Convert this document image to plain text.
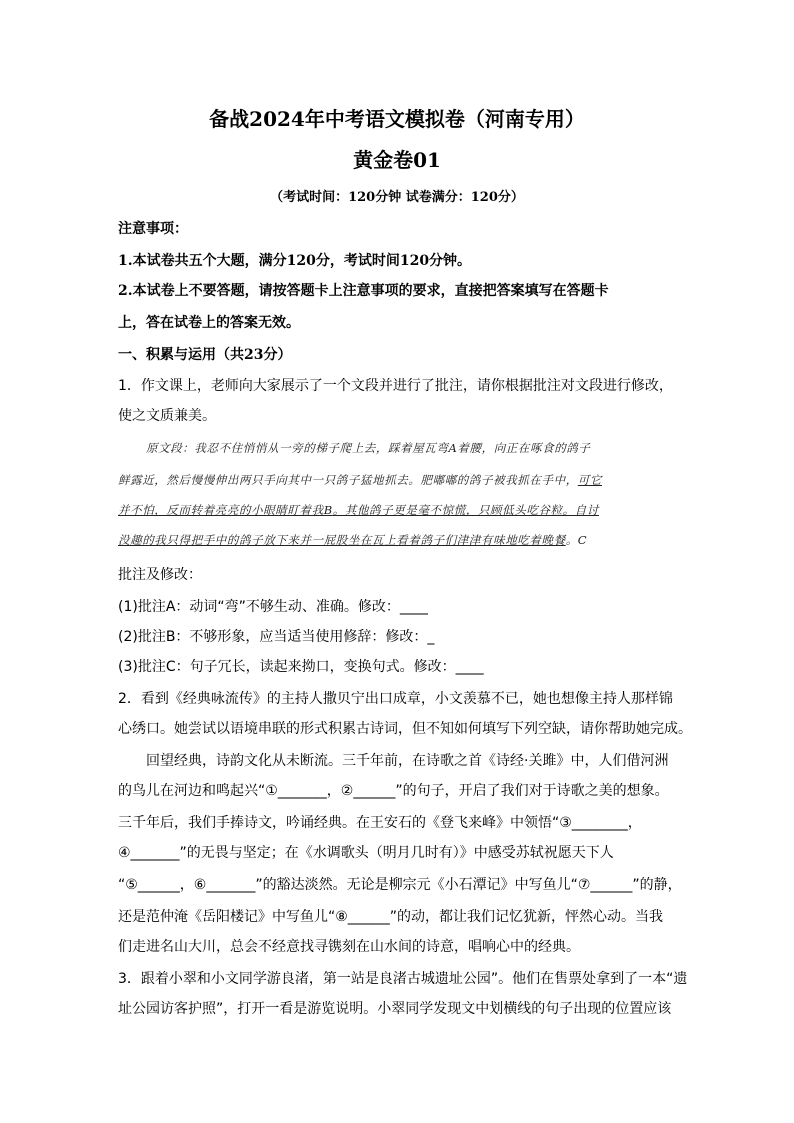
备战2024年中考语文模拟卷（河南专用）
黄金卷01
（考试时间：120分钟 试卷满分：120分）
注意事项：
1.本试卷共五个大题，满分120分，考试时间120分钟。
2.本试卷上不要答题，请按答题卡上注意事项的要求，直接把答案填写在答题卡
上，答在试卷上的答案无效。
一、积累与运用（共23分）
1．作文课上，老师向大家展示了一个文段并进行了批注，请你根据批注对文段进行修改，
使之文质兼美。
原文段：我忍不住悄悄从一旁的梯子爬上去，踩着屋瓦弯A着腰，向正在啄食的鸽子
鲜露近，然后慢慢伸出两只手向其中一只鸽子猛地抓去。肥嘟嘟的鸽子被我抓在手中，可它
并不怕，反而转着亮亮的小眼睛盯着我B。其他鸽子更是毫不惊慌，只顾低头吃谷粒。自讨
没趣的我只得把手中的鸽子放下来并一屁股坐在瓦上看着鸽子们津津有味地吃着晚餐。C
批注及修改：
(1)批注A：动词“弯”不够生动、准确。修改：____
(2)批注B：不够形象，应当适当使用修辞：修改：_
(3)批注C：句子冗长，读起来拗口，变换句式。修改：____
2．看到《经典咏流传》的主持人撒贝宁出口成章，小文羡慕不已，她也想像主持人那样锦
心绣口。她尝试以语境串联的形式积累古诗词，但不知如何填写下列空缺，请你帮助她完成。
回望经典，诗韵文化从未断流。三千年前，在诗歌之首《诗经·关雎》中，人们借河洲
的鸟儿在河边和鸣起兴“①_______，②______”的句子，开启了我们对于诗歌之美的想象。
三千年后，我们手捧诗文，吟诵经典。在王安石的《登飞来峰》中领悟“③________，
④_______”的无畏与坚定；在《水调歌头（明月几时有）》中感受苏轼祝愿天下人
“⑤______，⑥_______”的豁达淡然。无论是柳宗元《小石潭记》中写鱼儿“⑦______”的静，
还是范仲淹《岳阳楼记》中写鱼儿“⑧______”的动，都让我们记忆犹新，怦然心动。当我
们走进名山大川，总会不经意找寻镌刻在山水间的诗意，唱响心中的经典。
3．跟着小翠和小文同学游良渚，第一站是良渚古城遗址公园”。他们在售票处拿到了一本“遗
址公园访客护照”，打开一看是游览说明。小翠同学发现文中划横线的句子出现的位置应该
